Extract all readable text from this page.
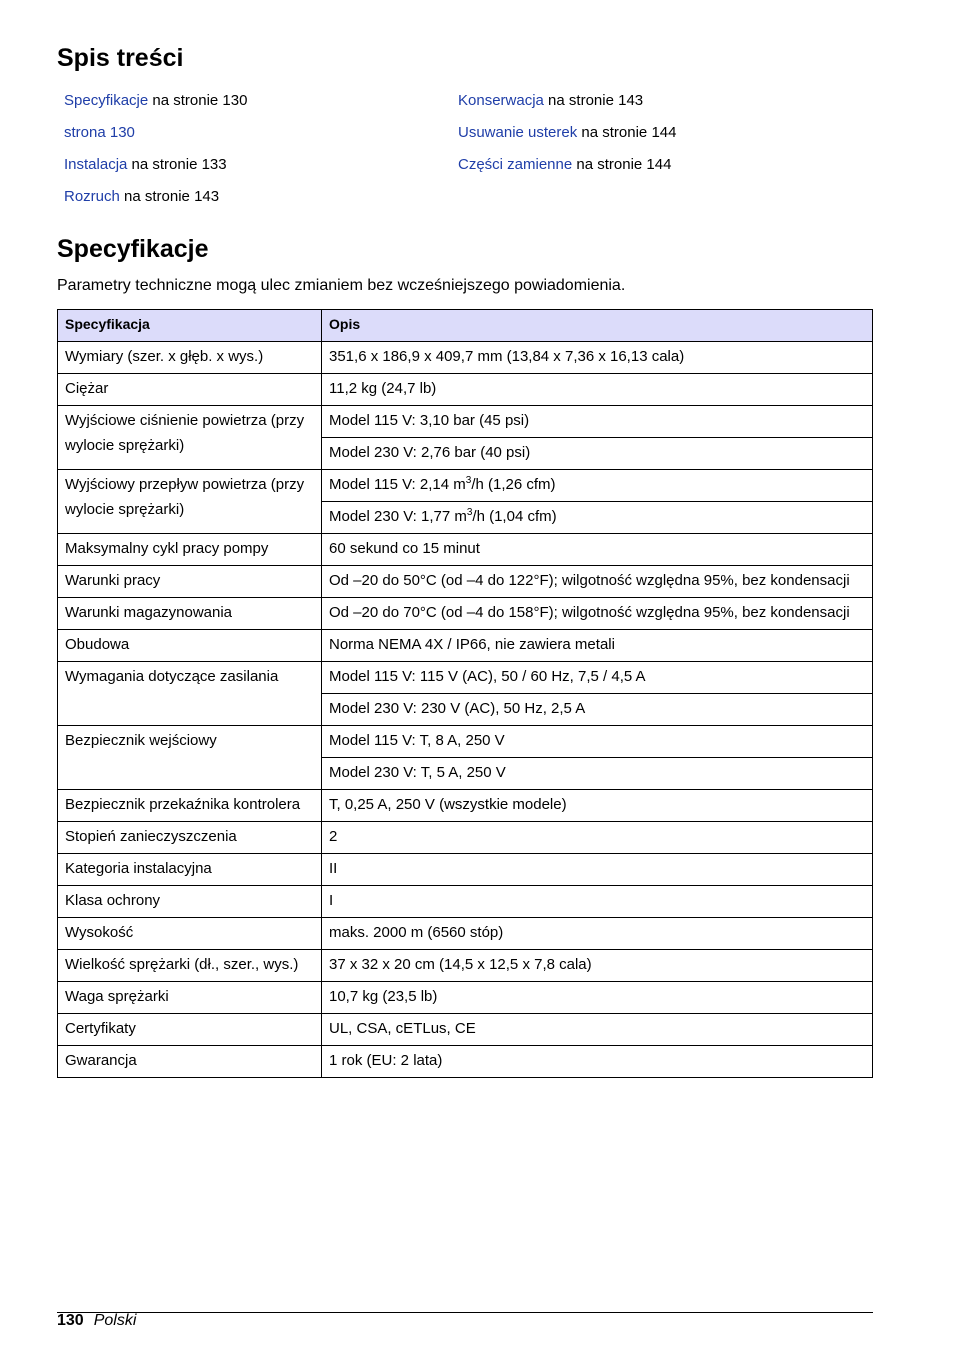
Spis treści
Specyfikacje na stronie 130
strona 130
Instalacja na stronie 133
Rozruch na stronie 143
Konserwacja na stronie 143
Usuwanie usterek na stronie 144
Części zamienne na stronie 144
Specyfikacje
Parametry techniczne mogą ulec zmianiem bez wcześniejszego powiadomienia.
Specyfikacja	Opis
Wymiary (szer. x głęb. x wys.)	351,6 x 186,9 x 409,7 mm (13,84 x 7,36 x 16,13 cala)
Ciężar	11,2 kg (24,7 lb)
Wyjściowe ciśnienie powietrza (przy wylocie sprężarki)	Model 115 V: 3,10 bar (45 psi)
	Model 230 V: 2,76 bar (40 psi)
Wyjściowy przepływ powietrza (przy wylocie sprężarki)	Model 115 V: 2,14 $m^3/h$ (1,26 cfm)
	Model 230 V: 1,77 $m^3/h$ (1,04 cfm)
Maksymalny cykl pracy pompy	60 sekund co 15 minut
Warunki pracy	Od –20 do 50°C (od –4 do 122°F); wilgotność względna 95%, bez kondensacji
Warunki magazynowania	Od –20 do 70°C (od –4 do 158°F); wilgotność względna 95%, bez kondensacji
Obudowa	Norma NEMA 4X / IP66, nie zawiera metali
Wymagania dotyczące zasilania	Model 115 V: 115 V (AC), 50 / 60 Hz, 7,5 / 4,5 A
	Model 230 V: 230 V (AC), 50 Hz, 2,5 A
Bezpiecznik wejściowy	Model 115 V: T, 8 A, 250 V
	Model 230 V: T, 5 A, 250 V
Bezpiecznik przekaźnika kontrolera	T, 0,25 A, 250 V (wszystkie modele)
Stopień zanieczyszczenia	2
Kategoria instalacyjna	II
Klasa ochrony	I
Wysokość	maks. 2000 m (6560 stóp)
Wielkość sprężarki (dł., szer., wys.)	37 x 32 x 20 cm (14,5 x 12,5 x 7,8 cala)
Waga sprężarki	10,7 kg (23,5 lb)
Certyfikaty	UL, CSA, cETLus, CE
Gwarancja	1 rok (EU: 2 lata)
130 Polski
